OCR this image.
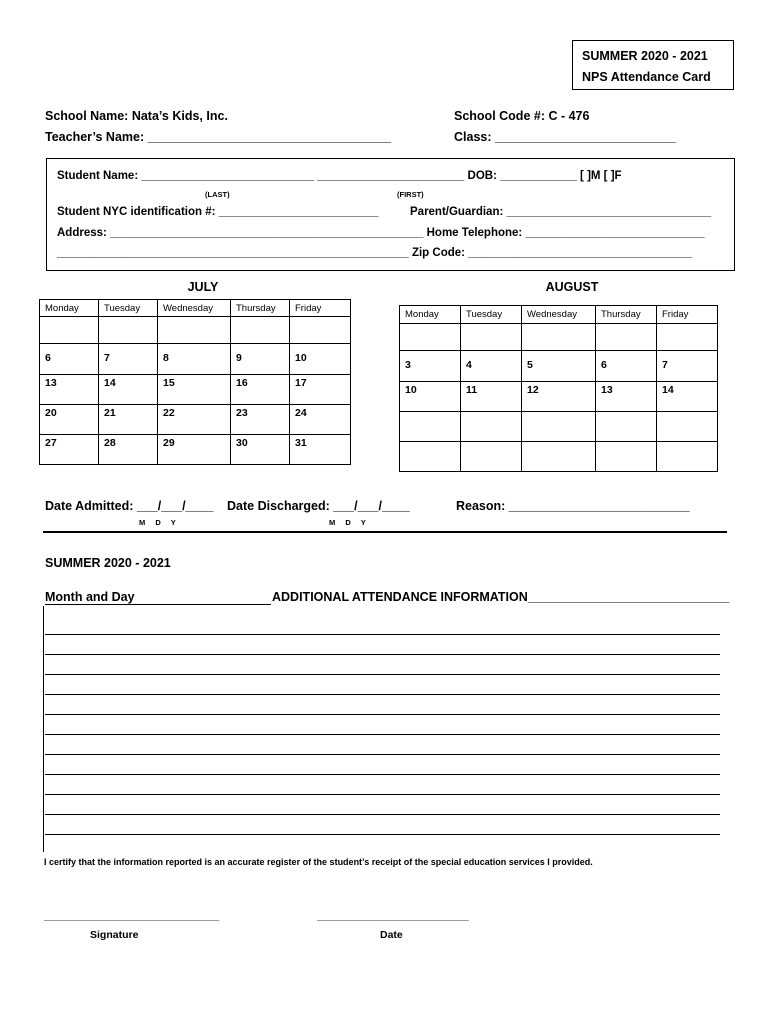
SUMMER 2020 - 2021
NPS Attendance Card
School Name: Nata’s Kids, Inc.
Teacher’s Name: ___________________________________
School Code #: C - 476
Class: __________________________
Student Name: ___________________________ _______________________ DOB: ____________ [ ]M [ ]F
(LAST)	(FIRST)
Student NYC identification #: _________________________	Parent/Guardian: ________________________________
Address: _________________________________________________ Home Telephone: ____________________________
_______________________________________________________ Zip Code: ___________________________________
JULY	AUGUST
Monday	Tuesday	Wednesday	Thursday	Friday

6	7	8	9	10
13	14	15	16	17
20	21	22	23	24
27	28	29	30	31
Monday	Tuesday	Wednesday	Thursday	Friday

3	4	5	6	7
10	11	12	13	14

Date Admitted: ___/___/____ Date Discharged: ___/___/____	Reason: __________________________
M D Y	M D Y
SUMMER 2020 - 2021
Month and Day	ADDITIONAL ATTENDANCE INFORMATION_____________________________
I certify that the information reported is an accurate register of the student’s receipt of the special education services I provided.
______________________________
Signature
__________________________
Date
